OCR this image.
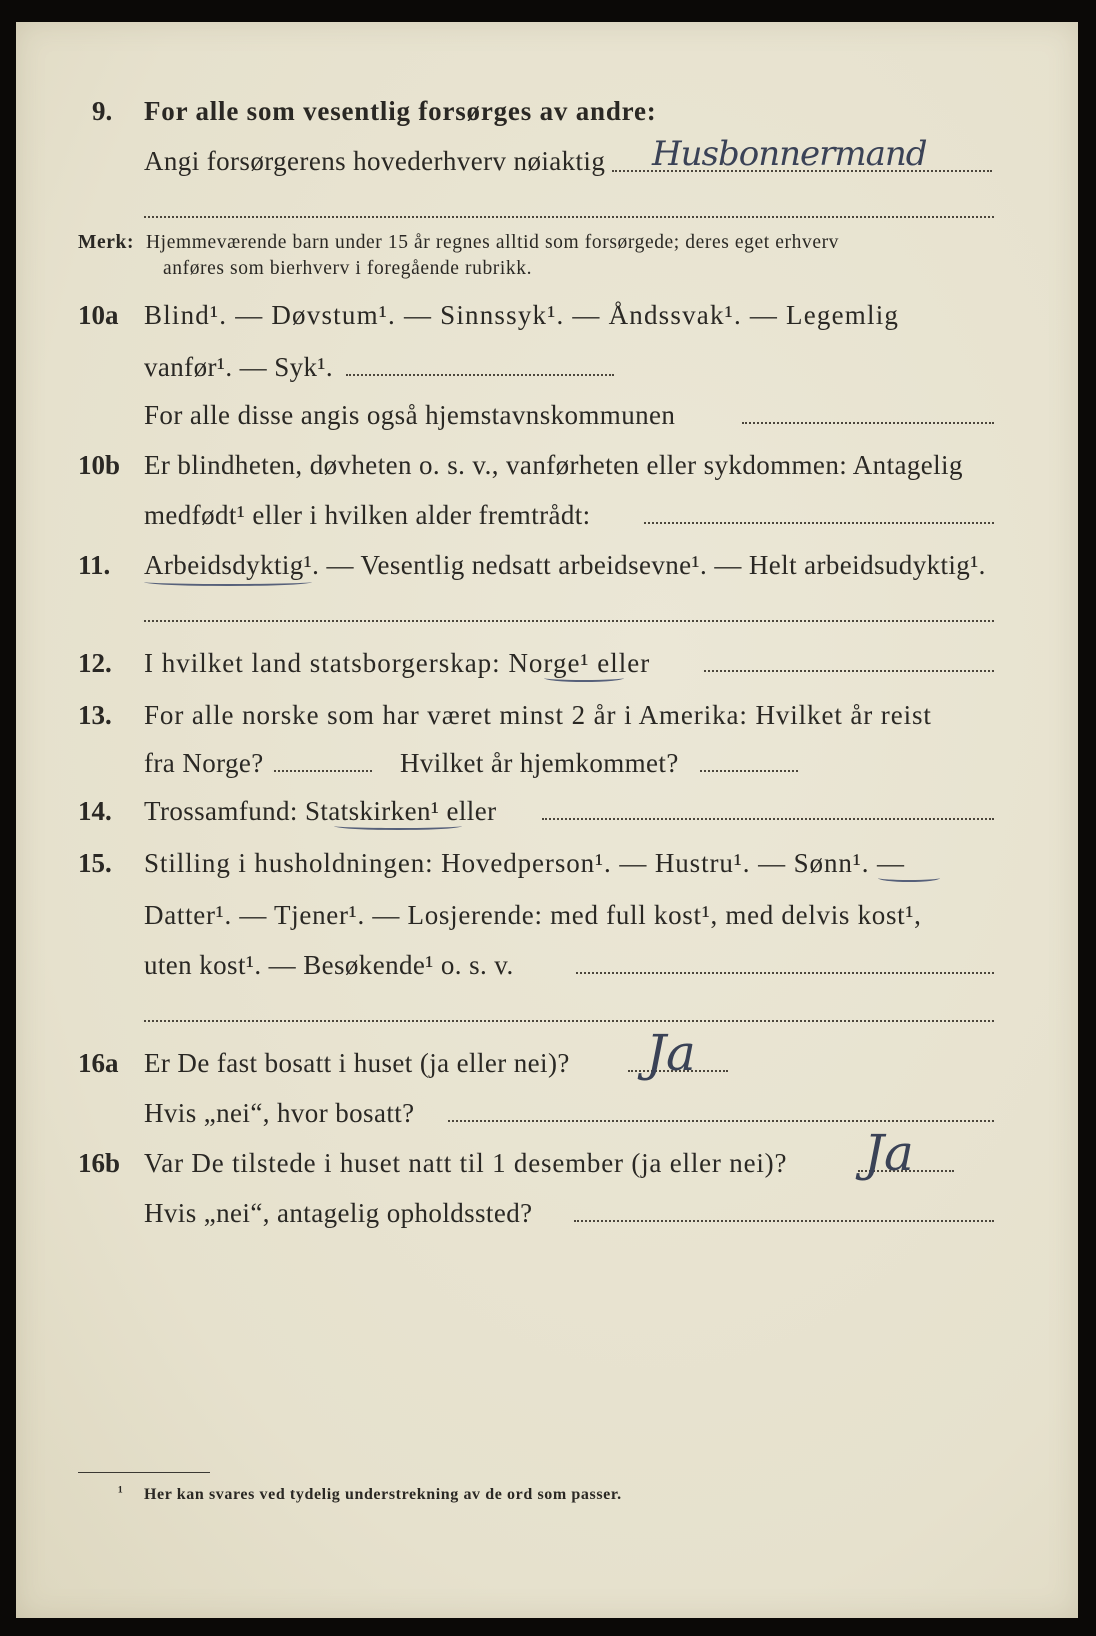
9. For alle som vesentlig forsørges av andre:
Angi forsørgerens hovederhverv nøiaktig Husbonnermand
Merk: Hjemmeværende barn under 15 år regnes alltid som forsørgede; deres eget erhverv
anføres som bierhverv i foregående rubrikk.
10a Blind¹. — Døvstum¹. — Sinnssyk¹. — Åndssvak¹. — Legemlig
vanfør¹. — Syk¹.
For alle disse angis også hjemstavnskommunen
10b Er blindheten, døvheten o. s. v., vanførheten eller sykdommen: Antagelig
medfødt¹ eller i hvilken alder fremtrådt:
11. Arbeidsdyktig¹. — Vesentlig nedsatt arbeidsevne¹. — Helt arbeidsudyktig¹.
12. I hvilket land statsborgerskap: Norge¹ eller
13. For alle norske som har været minst 2 år i Amerika: Hvilket år reist
fra Norge?	Hvilket år hjemkommet?
14. Trossamfund: Statskirken¹ eller
15. Stilling i husholdningen: Hovedperson¹. — Hustru¹. — Sønn¹. —
Datter¹. — Tjener¹. — Losjerende: med full kost¹, med delvis kost¹,
uten kost¹. — Besøkende¹ o. s. v.
16a Er De fast bosatt i huset (ja eller nei)? Ja
Hvis „nei“, hvor bosatt?
16b Var De tilstede i huset natt til 1 desember (ja eller nei)? Ja
Hvis „nei“, antagelig opholdssted?
¹ Her kan svares ved tydelig understrekning av de ord som passer.
